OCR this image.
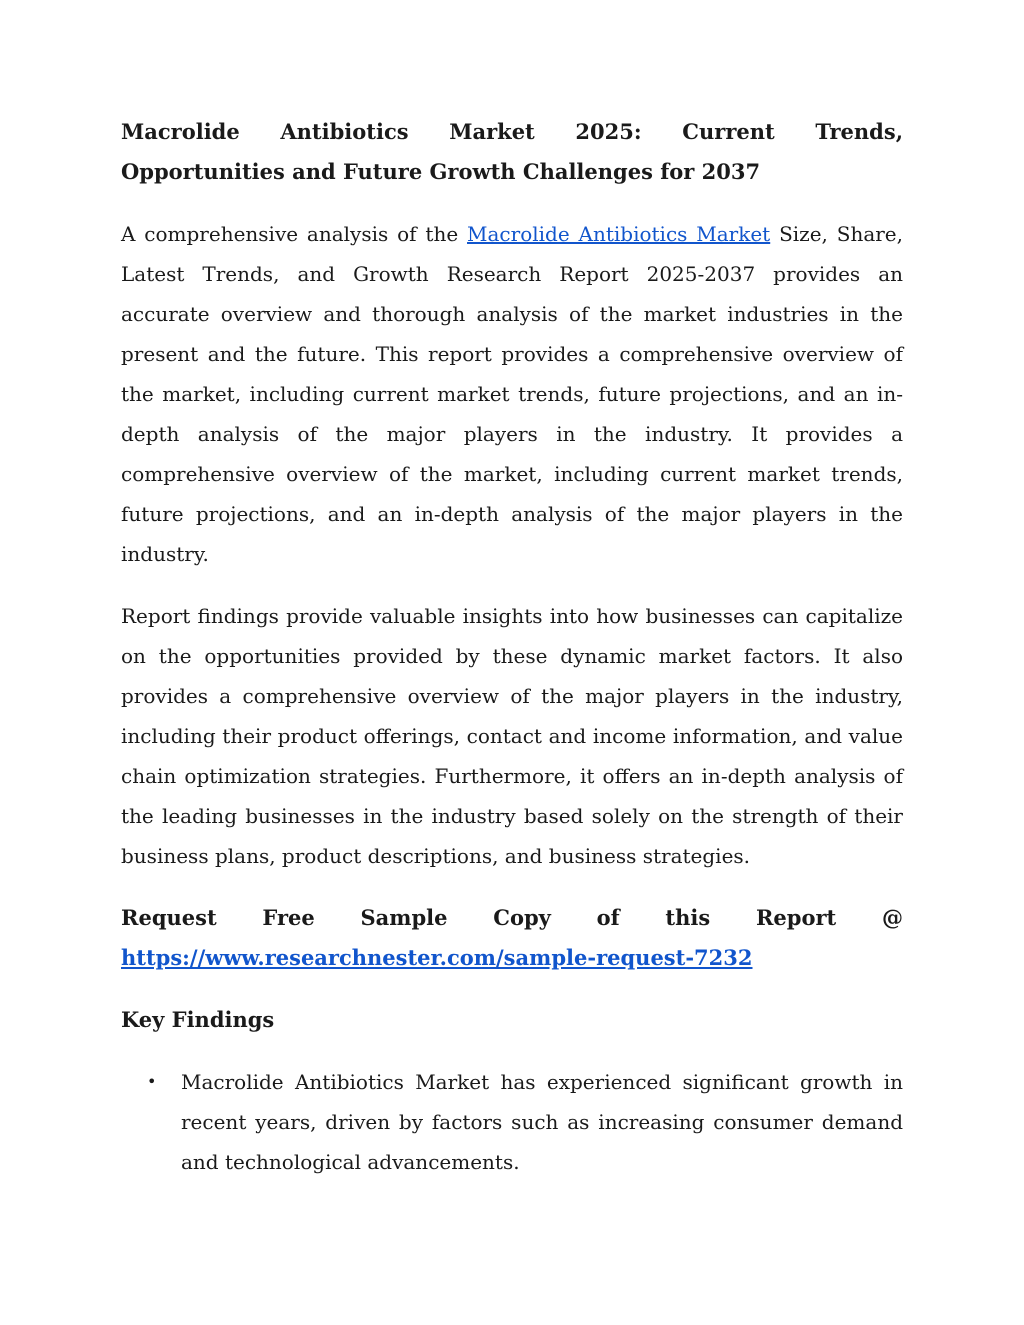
Macrolide Antibiotics Market 2025: Current Trends, Opportunities and Future Growth Challenges for 2037

A comprehensive analysis of the Macrolide Antibiotics Market Size, Share, Latest Trends, and Growth Research Report 2025-2037 provides an accurate overview and thorough analysis of the market industries in the present and the future. This report provides a comprehensive overview of the market, including current market trends, future projections, and an in-depth analysis of the major players in the industry. It provides a comprehensive overview of the market, including current market trends, future projections, and an in-depth analysis of the major players in the industry.

Report findings provide valuable insights into how businesses can capitalize on the opportunities provided by these dynamic market factors. It also provides a comprehensive overview of the major players in the industry, including their product offerings, contact and income information, and value chain optimization strategies. Furthermore, it offers an in-depth analysis of the leading businesses in the industry based solely on the strength of their business plans, product descriptions, and business strategies.

Request Free Sample Copy of this Report @
https://www.researchnester.com/sample-request-7232
Key Findings
• Macrolide Antibiotics Market has experienced significant growth in recent years, driven by factors such as increasing consumer demand and technological advancements.
